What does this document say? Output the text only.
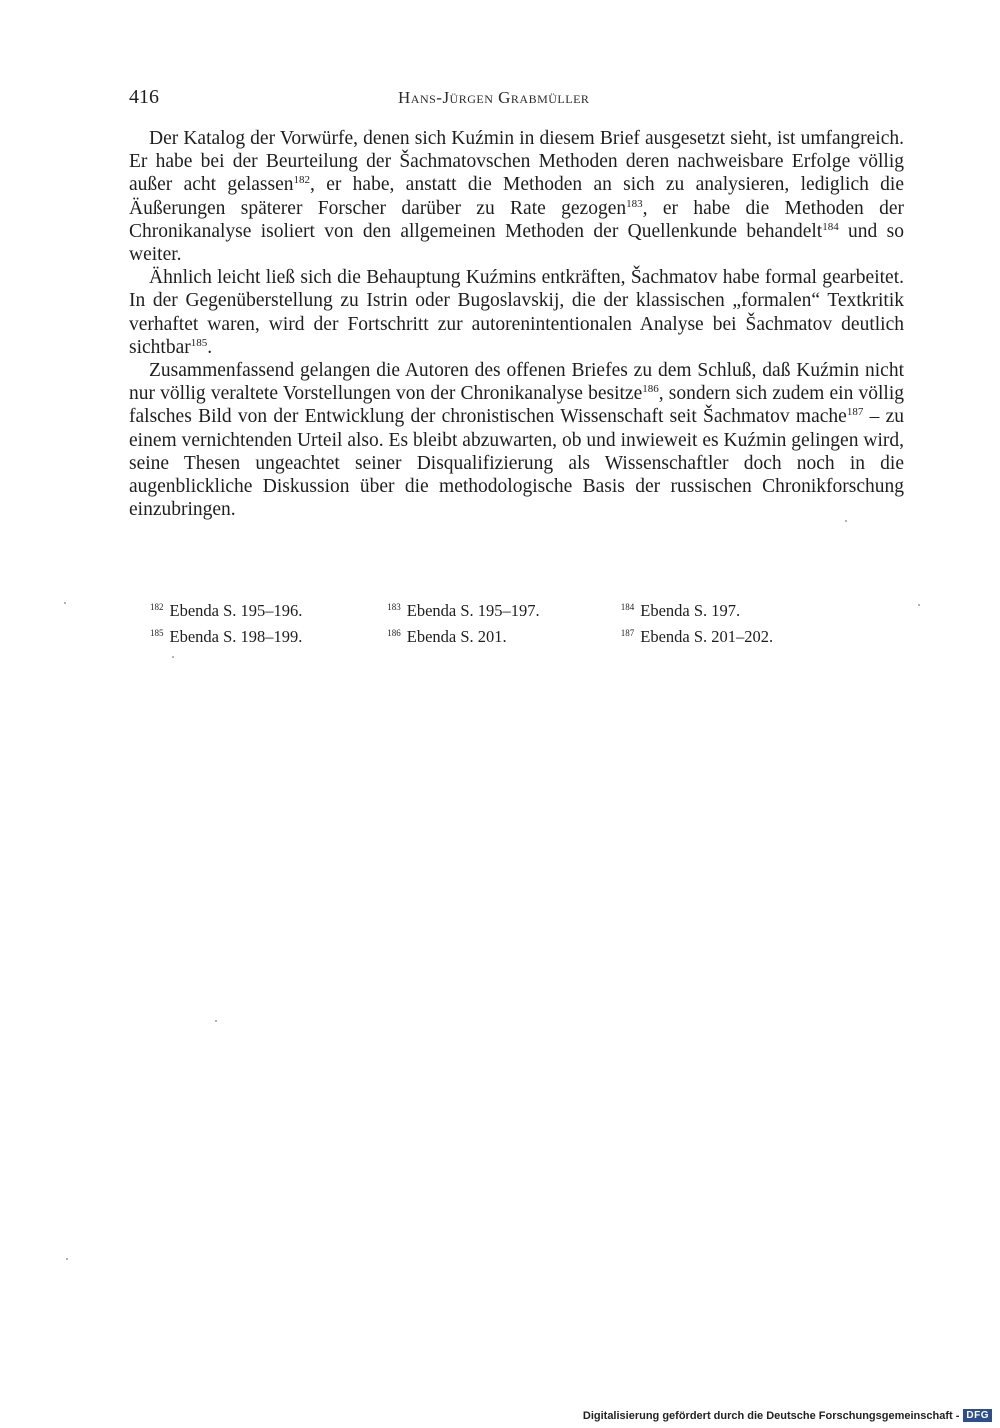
416	Hans-Jürgen Grabmüller

Der Katalog der Vorwürfe, denen sich Kuźmin in diesem Brief ausgesetzt sieht, ist umfangreich. Er habe bei der Beurteilung der Šachmatovschen Methoden deren nachweisbare Erfolge völlig außer acht gelassen$^{182}$, er habe, anstatt die Methoden an sich zu analysieren, lediglich die Äußerungen späterer Forscher darüber zu Rate gezogen$^{183}$, er habe die Methoden der Chronikanalyse isoliert von den allgemeinen Methoden der Quellenkunde behandelt$^{184}$ und so weiter.

Ähnlich leicht ließ sich die Behauptung Kuźmins entkräften, Šachmatov habe formal gearbeitet. In der Gegenüberstellung zu Istrin oder Bugoslavskij, die der klassischen „formalen“ Textkritik verhaftet waren, wird der Fortschritt zur autorenintentionalen Analyse bei Šachmatov deutlich sichtbar$^{185}$.

Zusammenfassend gelangen die Autoren des offenen Briefes zu dem Schluß, daß Kuźmin nicht nur völlig veraltete Vorstellungen von der Chronikanalyse besitze$^{186}$, sondern sich zudem ein völlig falsches Bild von der Entwicklung der chronistischen Wissenschaft seit Šachmatov mache$^{187}$ – zu einem vernichtenden Urteil also. Es bleibt abzuwarten, ob und inwieweit es Kuźmin gelingen wird, seine Thesen ungeachtet seiner Disqualifizierung als Wissenschaftler doch noch in die augenblickliche Diskussion über die methodologische Basis der russischen Chronikforschung einzubringen.

$^{182}$ Ebenda S. 195–196.	$^{183}$ Ebenda S. 195–197.	$^{184}$ Ebenda S. 197.
$^{185}$ Ebenda S. 198–199.	$^{186}$ Ebenda S. 201.	$^{187}$ Ebenda S. 201–202.
Digitalisierung gefördert durch die Deutsche Forschungsgemeinschaft - DFG
